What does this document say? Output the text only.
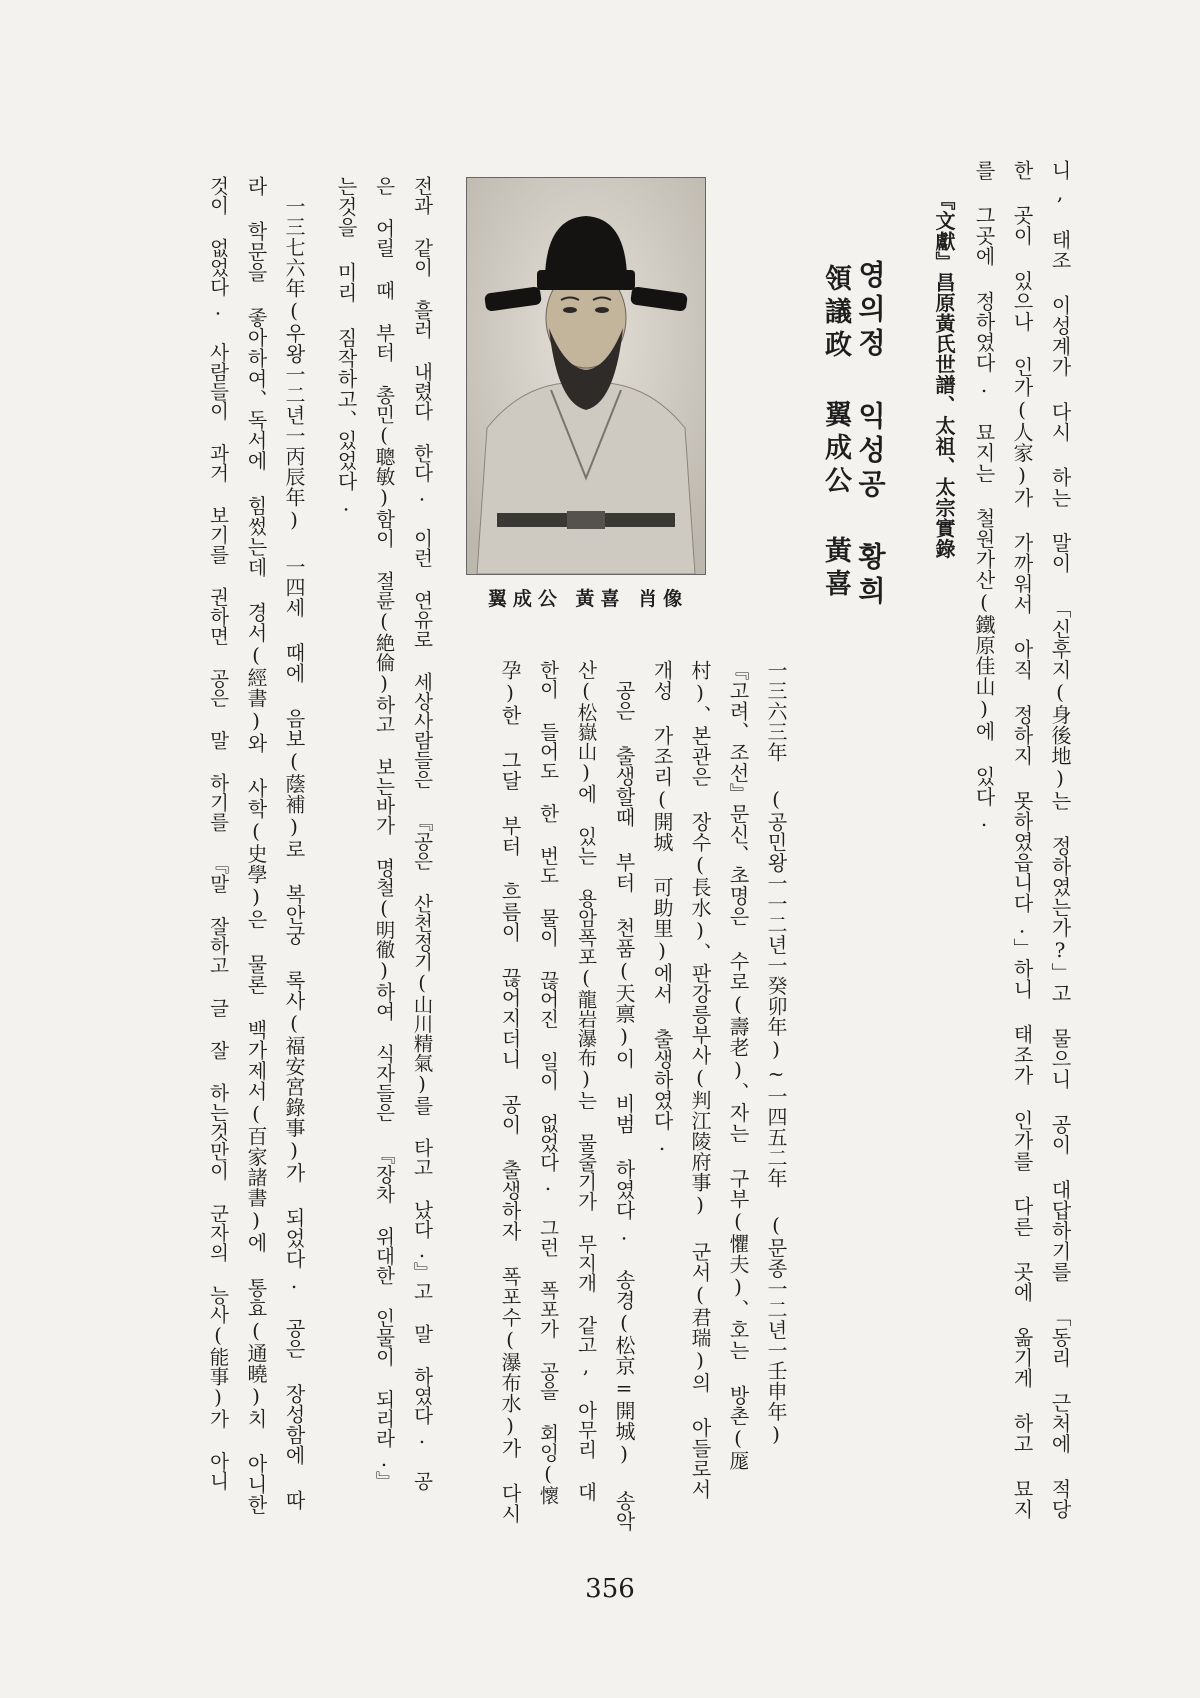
니, 태조 이성계가 다시 하는 말이 「신후지(身後地)는 정하였는가?」고 물으니 공이 대답하기를 「동리 근처에 적당
한 곳이 있으나 인가(人家)가 가까워서 아직 정하지 못하였읍니다.」하니 태조가 인가를 다른 곳에 옮기게 하고 묘지
를 그곳에 정하였다. 묘지는 철원가산(鐵原佳山)에 있다.
『文獻』昌原黃氏世譜、太祖、太宗實錄
영의정 익성공 황희
領議政 翼成公 黃喜
翼成公 黃喜 肖像
一三六三年 (공민왕一一二년一癸卯年)~一四五二年 (문종一二년一壬申年)
『고려、조선』문신、초명은 수로(壽老)、자는 구부(懼夫)、호는 방촌(厖
村)、본관은 장수(長水)、판강릉부사(判江陵府事) 군서(君瑞)의 아들로서
개성 가조리(開城 可助里)에서 출생하였다.
공은 출생할때 부터 천품(天禀)이 비범 하였다. 송경(松京=開城) 송악
산(松嶽山)에 있는 용암폭포(龍岩瀑布)는 물줄기가 무지개 같고, 아무리 대
한이 들어도 한 번도 물이 끊어진 일이 없었다. 그런 폭포가 공을 회잉(懷
孕)한 그달 부터 흐름이 끊어지더니 공이 출생하자 폭포수(瀑布水)가 다시
전과 같이 흘러 내렸다 한다. 이런 연유로 세상사람들은 『공은 산천정기(山川精氣)를 타고 났다.』고 말 하였다. 공
은 어릴 때 부터 총민(聰敏)함이 절륜(絶倫)하고 보는바가 명철(明徹)하여 식자들은 『장차 위대한 인물이 되리라.』
는것을 미리 짐작하고、있었다.
一三七六年(우왕一二년一丙辰年) 一四세 때에 음보(蔭補)로 복안궁 록사(福安宮錄事)가 되었다. 공은 장성함에 따
라 학문을 좋아하여、독서에 힘썼는데 경서(經書)와 사학(史學)은 물론 백가제서(百家諸書)에 통효(通曉)치 아니한
것이 없었다. 사람들이 과거 보기를 권하면 공은 말 하기를 『말 잘하고 글 잘 하는것만이 군자의 능사(能事)가 아니
356
